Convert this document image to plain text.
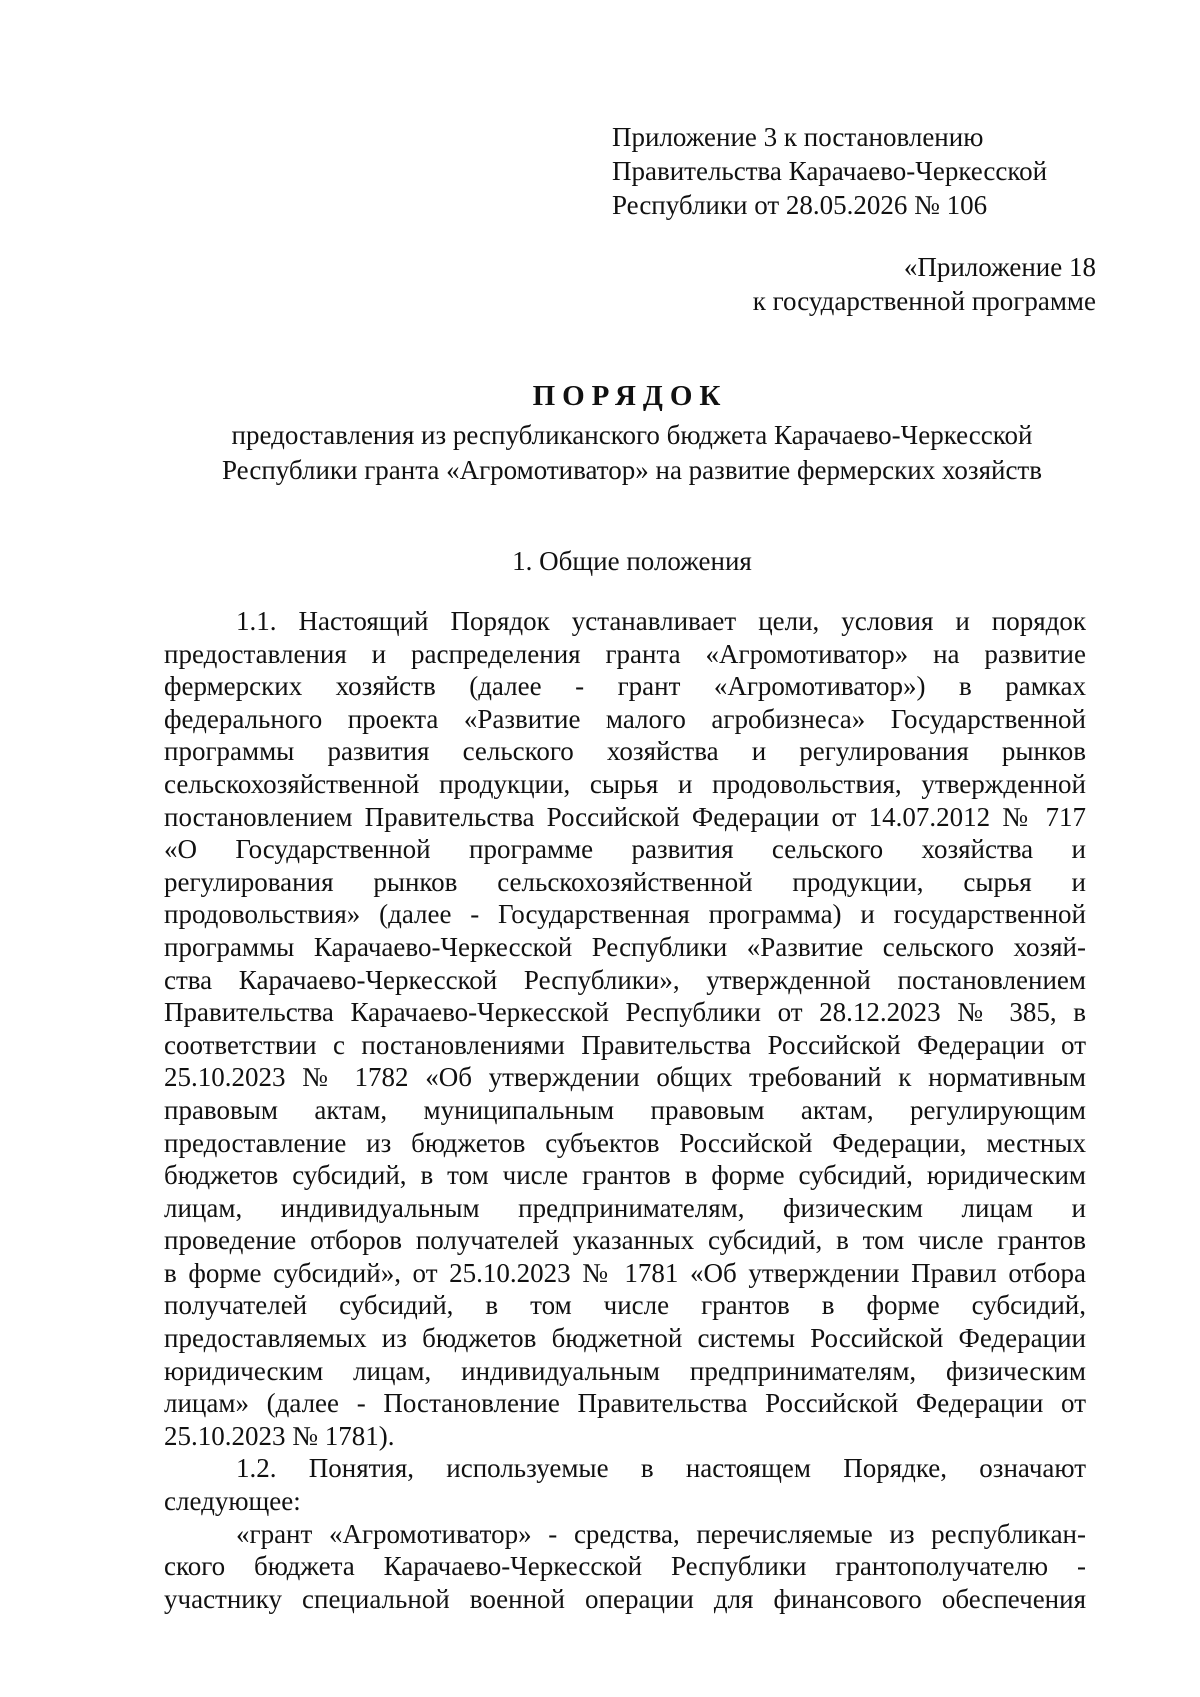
Приложение 3 к постановлению
Правительства Карачаево-Черкесской
Республики от 28.05.2026 № 106
«Приложение 18
к государственной программе
ПОРЯДОК
предоставления из республиканского бюджета Карачаево-Черкесской
Республики гранта «Агромотиватор» на развитие фермерских хозяйств
1. Общие положения
1.1. Настоящий Порядок устанавливает цели, условия и порядок
предоставления и распределения гранта «Агромотиватор» на развитие
фермерских хозяйств (далее - грант «Агромотиватор») в рамках
федерального проекта «Развитие малого агробизнеса» Государственной
программы развития сельского хозяйства и регулирования рынков
сельскохозяйственной продукции, сырья и продовольствия, утвержденной
постановлением Правительства Российской Федерации от 14.07.2012 № 717
«О Государственной программе развития сельского хозяйства и
регулирования рынков сельскохозяйственной продукции, сырья и
продовольствия» (далее - Государственная программа) и государственной
программы Карачаево-Черкесской Республики «Развитие сельского хозяй-
ства Карачаево-Черкесской Республики», утвержденной постановлением
Правительства Карачаево-Черкесской Республики от 28.12.2023 № 385, в
соответствии с постановлениями Правительства Российской Федерации от
25.10.2023 № 1782 «Об утверждении общих требований к нормативным
правовым актам, муниципальным правовым актам, регулирующим
предоставление из бюджетов субъектов Российской Федерации, местных
бюджетов субсидий, в том числе грантов в форме субсидий, юридическим
лицам, индивидуальным предпринимателям, физическим лицам и
проведение отборов получателей указанных субсидий, в том числе грантов
в форме субсидий», от 25.10.2023 № 1781 «Об утверждении Правил отбора
получателей субсидий, в том числе грантов в форме субсидий,
предоставляемых из бюджетов бюджетной системы Российской Федерации
юридическим лицам, индивидуальным предпринимателям, физическим
лицам» (далее - Постановление Правительства Российской Федерации от
25.10.2023 № 1781).
1.2. Понятия, используемые в настоящем Порядке, означают
следующее:
«грант «Агромотиватор» - средства, перечисляемые из республикан-
ского бюджета Карачаево-Черкесской Республики грантополучателю -
участнику специальной военной операции для финансового обеспечения
